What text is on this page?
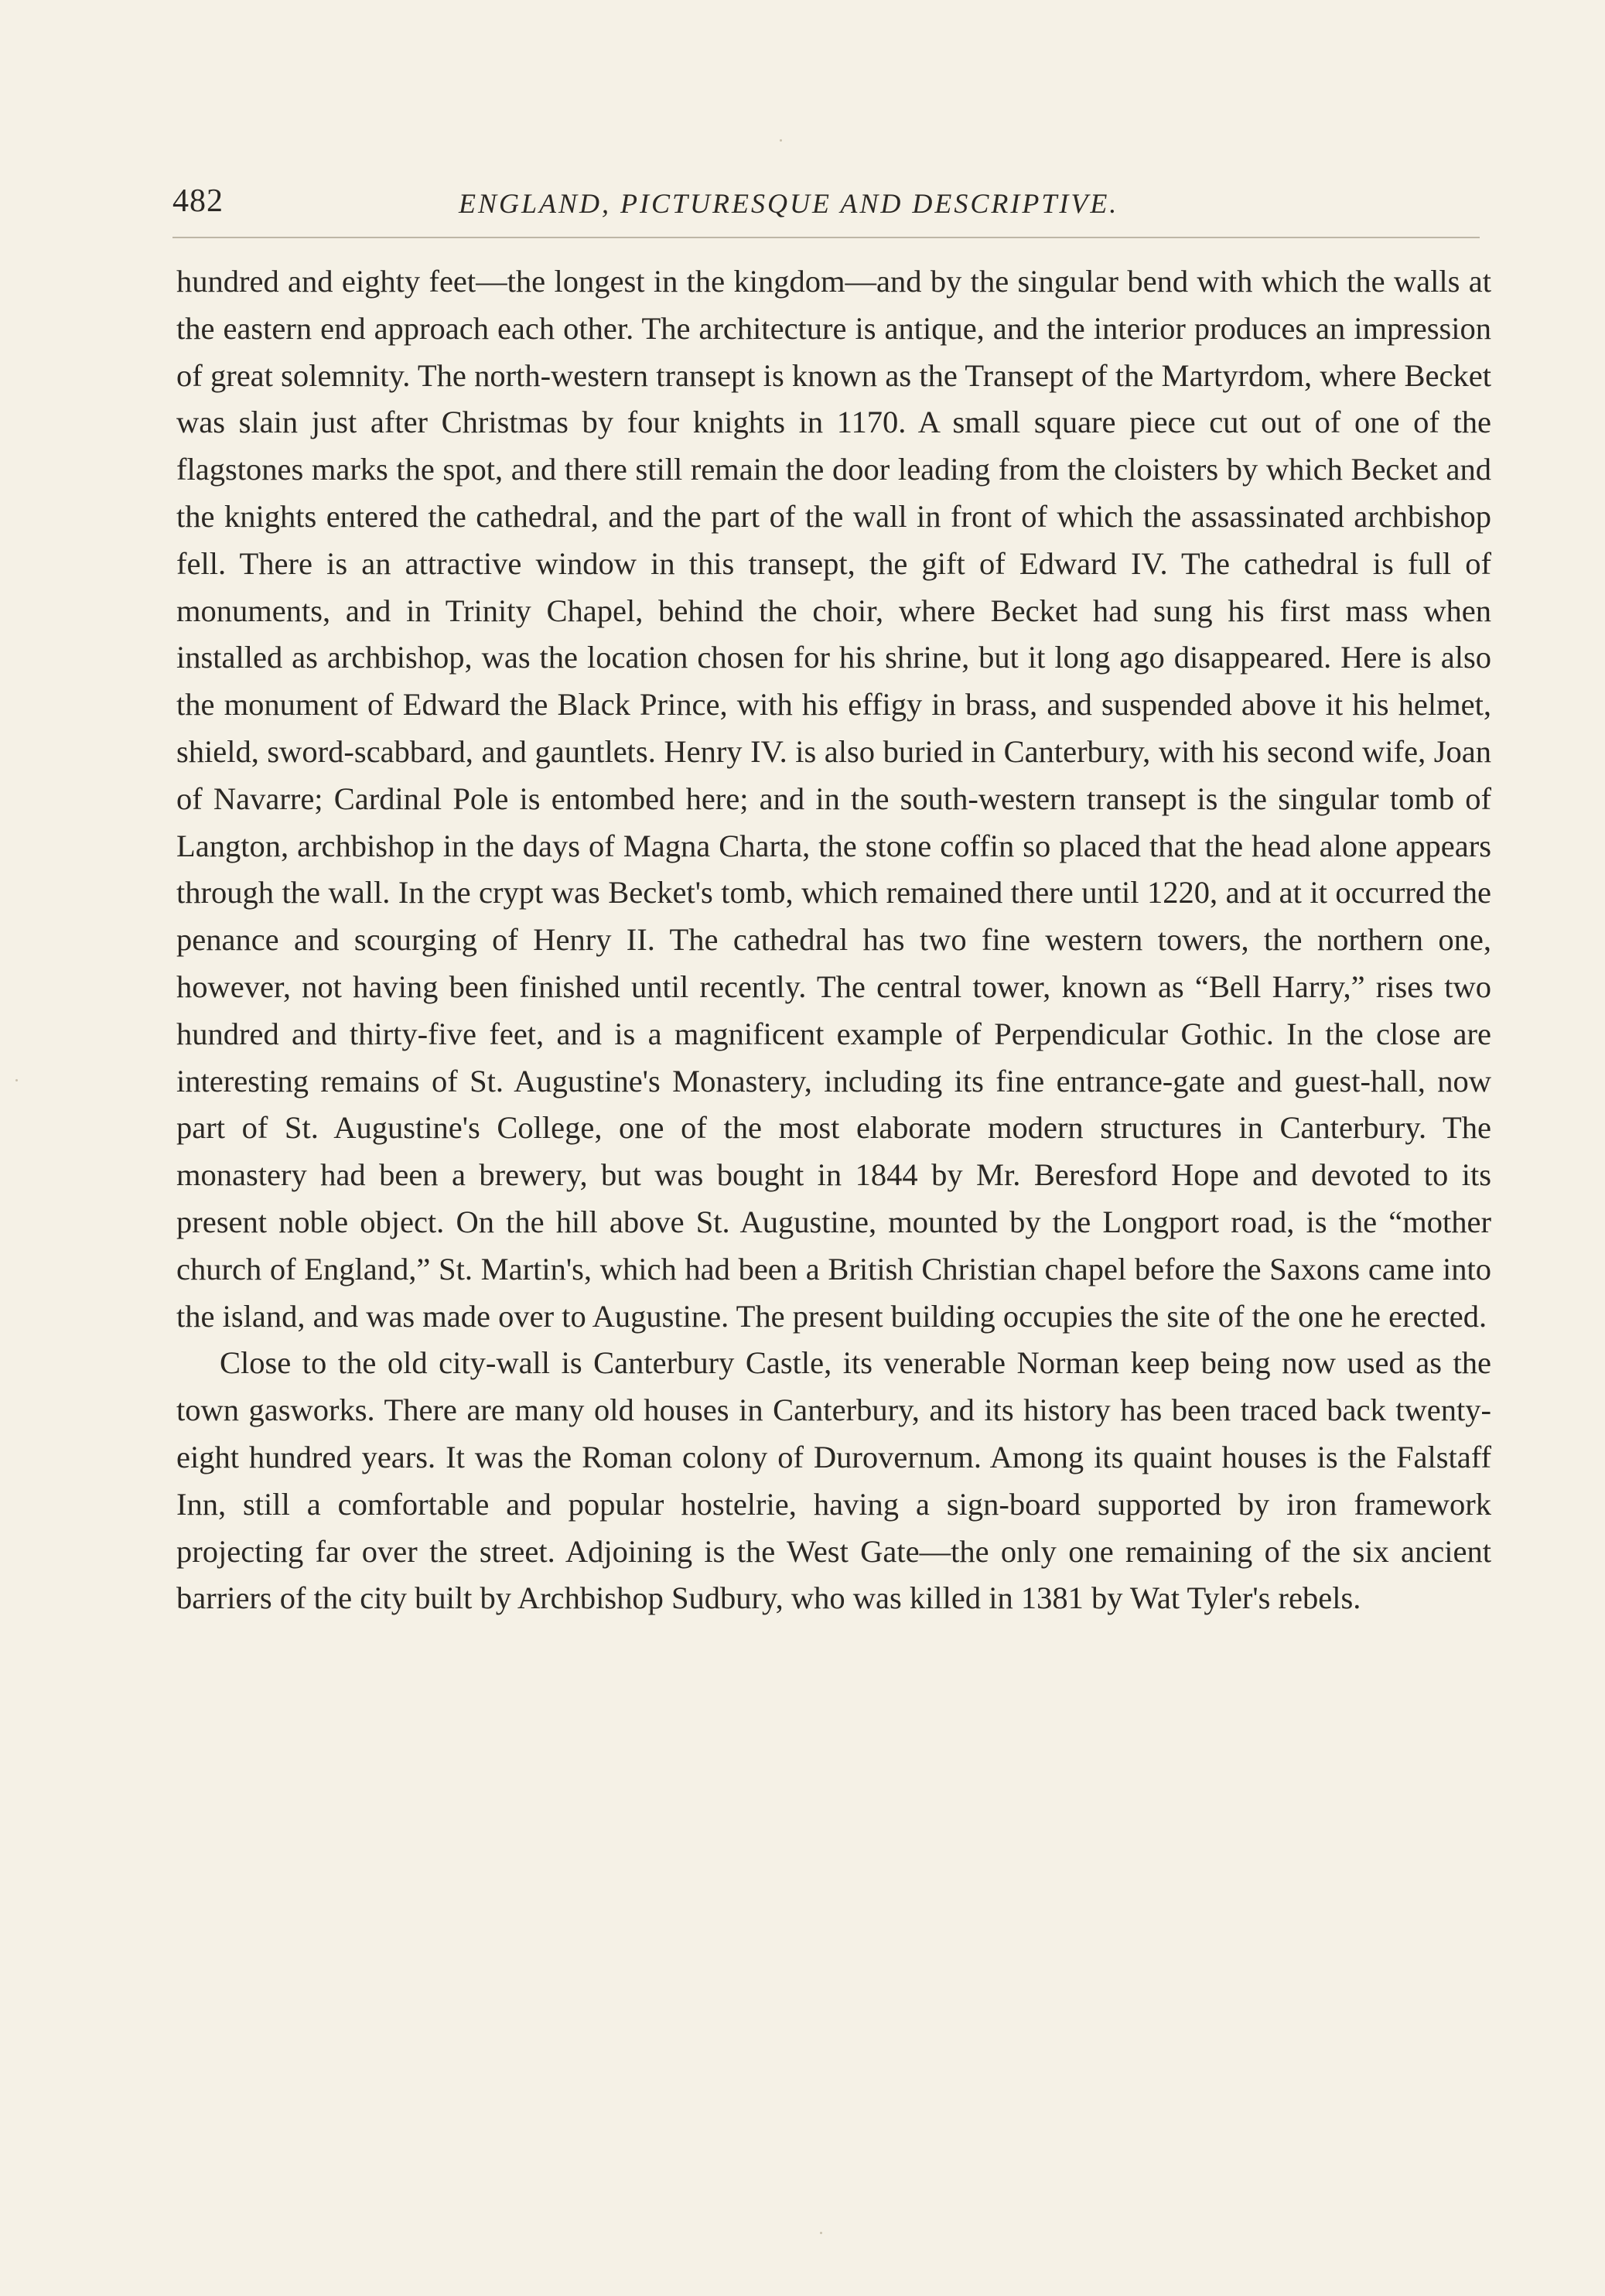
482	ENGLAND, PICTURESQUE AND DESCRIPTIVE.

hundred and eighty feet—the longest in the kingdom—and by the singular bend with which the walls at the eastern end approach each other. The architecture is antique, and the interior produces an impression of great solemnity. The north-western transept is known as the Transept of the Martyrdom, where Becket was slain just after Christmas by four knights in 1170. A small square piece cut out of one of the flagstones marks the spot, and there still remain the door leading from the cloisters by which Becket and the knights entered the cathedral, and the part of the wall in front of which the assassinated archbishop fell. There is an attractive window in this transept, the gift of Edward IV. The cathedral is full of monuments, and in Trinity Chapel, behind the choir, where Becket had sung his first mass when installed as archbishop, was the location chosen for his shrine, but it long ago disappeared. Here is also the monument of Edward the Black Prince, with his effigy in brass, and suspended above it his helmet, shield, sword-scabbard, and gauntlets. Henry IV. is also buried in Canterbury, with his second wife, Joan of Navarre; Cardinal Pole is entombed here; and in the south-western transept is the singular tomb of Langton, archbishop in the days of Magna Charta, the stone coffin so placed that the head alone appears through the wall. In the crypt was Becket's tomb, which remained there until 1220, and at it occurred the penance and scourging of Henry II. The cathedral has two fine western towers, the northern one, however, not having been finished until recently. The central tower, known as “Bell Harry,” rises two hundred and thirty-five feet, and is a magnificent example of Perpendicular Gothic. In the close are interesting remains of St. Augustine's Monastery, including its fine entrance-gate and guest-hall, now part of St. Augustine's College, one of the most elaborate modern structures in Canterbury. The monastery had been a brewery, but was bought in 1844 by Mr. Beresford Hope and devoted to its present noble object. On the hill above St. Augustine, mounted by the Longport road, is the “mother church of England,” St. Martin's, which had been a British Christian chapel before the Saxons came into the island, and was made over to Augustine. The present building occupies the site of the one he erected.

Close to the old city-wall is Canterbury Castle, its venerable Norman keep being now used as the town gasworks. There are many old houses in Canterbury, and its history has been traced back twenty-eight hundred years. It was the Roman colony of Durovernum. Among its quaint houses is the Falstaff Inn, still a comfortable and popular hostelrie, having a sign-board supported by iron framework projecting far over the street. Adjoining is the West Gate—the only one remaining of the six ancient barriers of the city built by Archbishop Sudbury, who was killed in 1381 by Wat Tyler's rebels.
